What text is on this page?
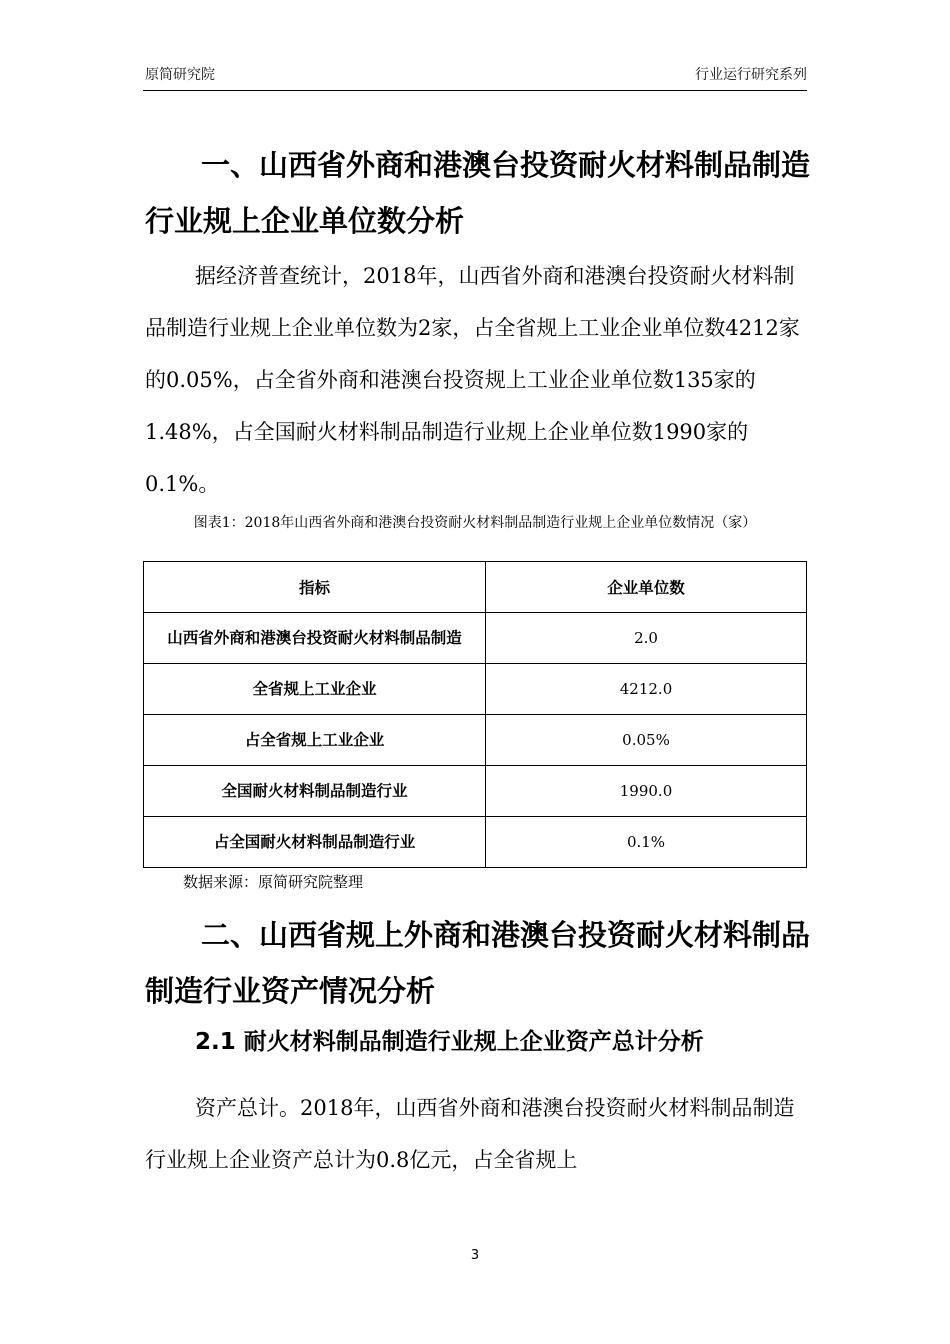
原简研究院	行业运行研究系列
一、山西省外商和港澳台投资耐火材料制品制造
行业规上企业单位数分析

据经济普查统计，2018年，山西省外商和港澳台投资耐火材料制品制造行业规上企业单位数为2家，占全省规上工业企业单位数4212家的0.05%，占全省外商和港澳台投资规上工业企业单位数135家的1.48%，占全国耐火材料制品制造行业规上企业单位数1990家的0.1%。

图表1：2018年山西省外商和港澳台投资耐火材料制品制造行业规上企业单位数情况（家）

指标	企业单位数
山西省外商和港澳台投资耐火材料制品制造	2.0
全省规上工业企业	4212.0
占全省规上工业企业	0.05%
全国耐火材料制品制造行业	1990.0
占全国耐火材料制品制造行业	0.1%

数据来源：原简研究院整理

二、山西省规上外商和港澳台投资耐火材料制品
制造行业资产情况分析
2.1 耐火材料制品制造行业规上企业资产总计分析

资产总计。2018年，山西省外商和港澳台投资耐火材料制品制造行业规上企业资产总计为0.8亿元，占全省规上

3
